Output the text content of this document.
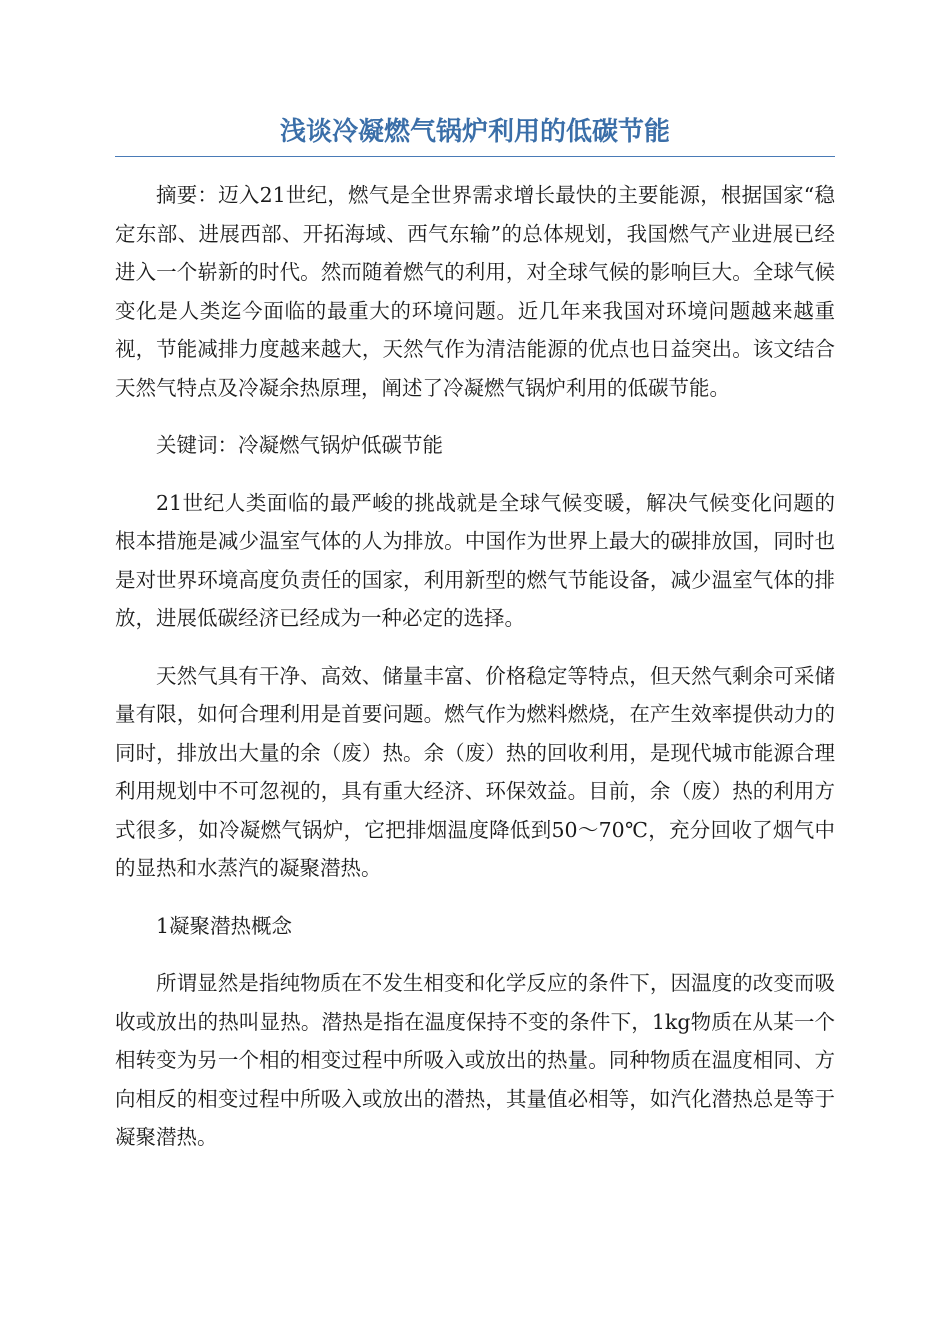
浅谈冷凝燃气锅炉利用的低碳节能

摘要：迈入21世纪，燃气是全世界需求增长最快的主要能源，根据国家“稳定东部、进展西部、开拓海域、西气东输”的总体规划，我国燃气产业进展已经进入一个崭新的时代。然而随着燃气的利用，对全球气候的影响巨大。全球气候变化是人类迄今面临的最重大的环境问题。近几年来我国对环境问题越来越重视，节能减排力度越来越大，天然气作为清洁能源的优点也日益突出。该文结合天然气特点及冷凝余热原理，阐述了冷凝燃气锅炉利用的低碳节能。

关键词：冷凝燃气锅炉低碳节能

21世纪人类面临的最严峻的挑战就是全球气候变暖，解决气候变化问题的根本措施是减少温室气体的人为排放。中国作为世界上最大的碳排放国，同时也是对世界环境高度负责任的国家，利用新型的燃气节能设备，减少温室气体的排放，进展低碳经济已经成为一种必定的选择。

天然气具有干净、高效、储量丰富、价格稳定等特点，但天然气剩余可采储量有限，如何合理利用是首要问题。燃气作为燃料燃烧，在产生效率提供动力的同时，排放出大量的余（废）热。余（废）热的回收利用，是现代城市能源合理利用规划中不可忽视的，具有重大经济、环保效益。目前，余（废）热的利用方式很多，如冷凝燃气锅炉，它把排烟温度降低到50～70℃，充分回收了烟气中的显热和水蒸汽的凝聚潜热。

1凝聚潜热概念

所谓显然是指纯物质在不发生相变和化学反应的条件下，因温度的改变而吸收或放出的热叫显热。潜热是指在温度保持不变的条件下，1kg物质在从某一个相转变为另一个相的相变过程中所吸入或放出的热量。同种物质在温度相同、方向相反的相变过程中所吸入或放出的潜热，其量值必相等，如汽化潜热总是等于凝聚潜热。
